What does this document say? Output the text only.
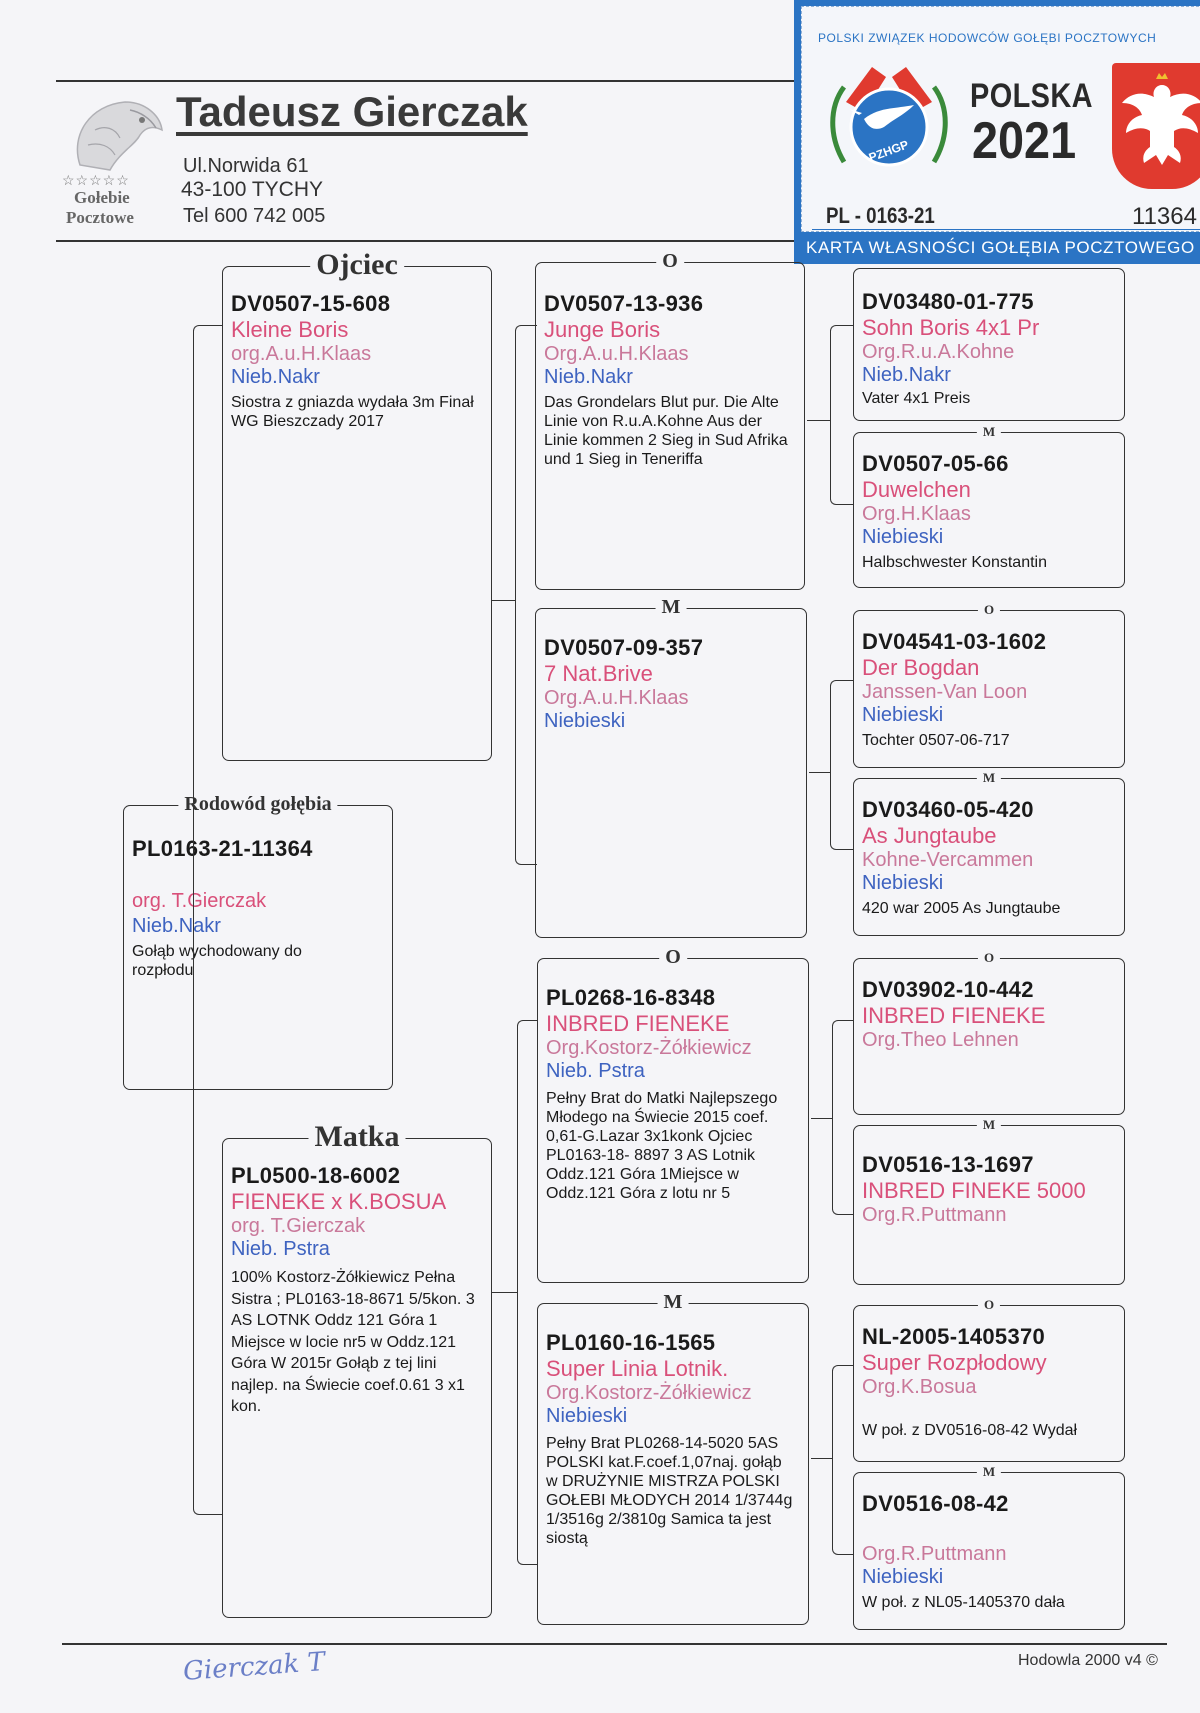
☆☆☆☆☆
Gołebie
Pocztowe
Tadeusz Gierczak
Ul.Norwida 61
43-100 TYCHY
Tel 600 742 005
POLSKI ZWIĄZEK HODOWCÓW GOŁĘBI POCZTOWYCH
PZHGP
POLSKA
2021
PL - 0163-21	11364
KARTA WŁASNOŚCI GOŁĘBIA POCZTOWEGO
Rodowód gołębia
PL0163-21-11364
org. T.Gierczak
Nieb.Nakr
Gołąb wychodowany do rozpłodu
Ojciec
DV0507-15-608
Kleine Boris
org.A.u.H.Klaas
Nieb.Nakr
Siostra z gniazda wydała 3m Finał WG Bieszczady 2017
Matka
PL0500-18-6002
FIENEKE x K.BOSUA
org. T.Gierczak
Nieb. Pstra
100% Kostorz-Żółkiewicz Pełna Sistra ; PL0163-18-8671 5/5kon. 3 AS LOTNK Oddz 121 Góra 1 Miejsce w locie nr5 w Oddz.121 Góra W 2015r Gołąb z tej lini najlep. na Świecie coef.0.61 3 x1 kon.
O
DV0507-13-936
Junge Boris
Org.A.u.H.Klaas
Nieb.Nakr
Das Grondelars Blut pur. Die Alte Linie von R.u.A.Kohne Aus der Linie kommen 2 Sieg in Sud Afrika und 1 Sieg in Teneriffa
M
DV0507-09-357
7 Nat.Brive
Org.A.u.H.Klaas
Niebieski
O
PL0268-16-8348
INBRED FIENEKE
Org.Kostorz-Żółkiewicz
Nieb. Pstra
Pełny Brat do Matki Najlepszego Młodego na Świecie 2015 coef. 0,61-G.Lazar 3x1konk Ojciec PL0163-18- 8897 3 AS Lotnik Oddz.121 Góra 1Miejsce w Oddz.121 Góra z lotu nr 5
M
PL0160-16-1565
Super Linia Lotnik.
Org.Kostorz-Żółkiewicz
Niebieski
Pełny Brat PL0268-14-5020 5AS POLSKI kat.F.coef.1,07naj. gołąb w DRUŻYNIE MISTRZA POLSKI GOŁEBI MŁODYCH 2014 1/3744g 1/3516g 2/3810g Samica ta jest siostą
DV03480-01-775
Sohn Boris 4x1 Pr
Org.R.u.A.Kohne
Nieb.Nakr
Vater 4x1 Preis
M
DV0507-05-66
Duwelchen
Org.H.Klaas
Niebieski
Halbschwester Konstantin
O
DV04541-03-1602
Der Bogdan
Janssen-Van Loon
Niebieski
Tochter 0507-06-717
M
DV03460-05-420
As Jungtaube
Kohne-Vercammen
Niebieski
420 war 2005 As Jungtaube
O
DV03902-10-442
INBRED FIENEKE
Org.Theo Lehnen
M
DV0516-13-1697
INBRED FINEKE 5000
Org.R.Puttmann
O
NL-2005-1405370
Super Rozpłodowy
Org.K.Bosua
W poł. z DV0516-08-42 Wydał
M
DV0516-08-42
Org.R.Puttmann
Niebieski
W poł. z NL05-1405370 dała
Gierczak T	Hodowla 2000 v4 ©
